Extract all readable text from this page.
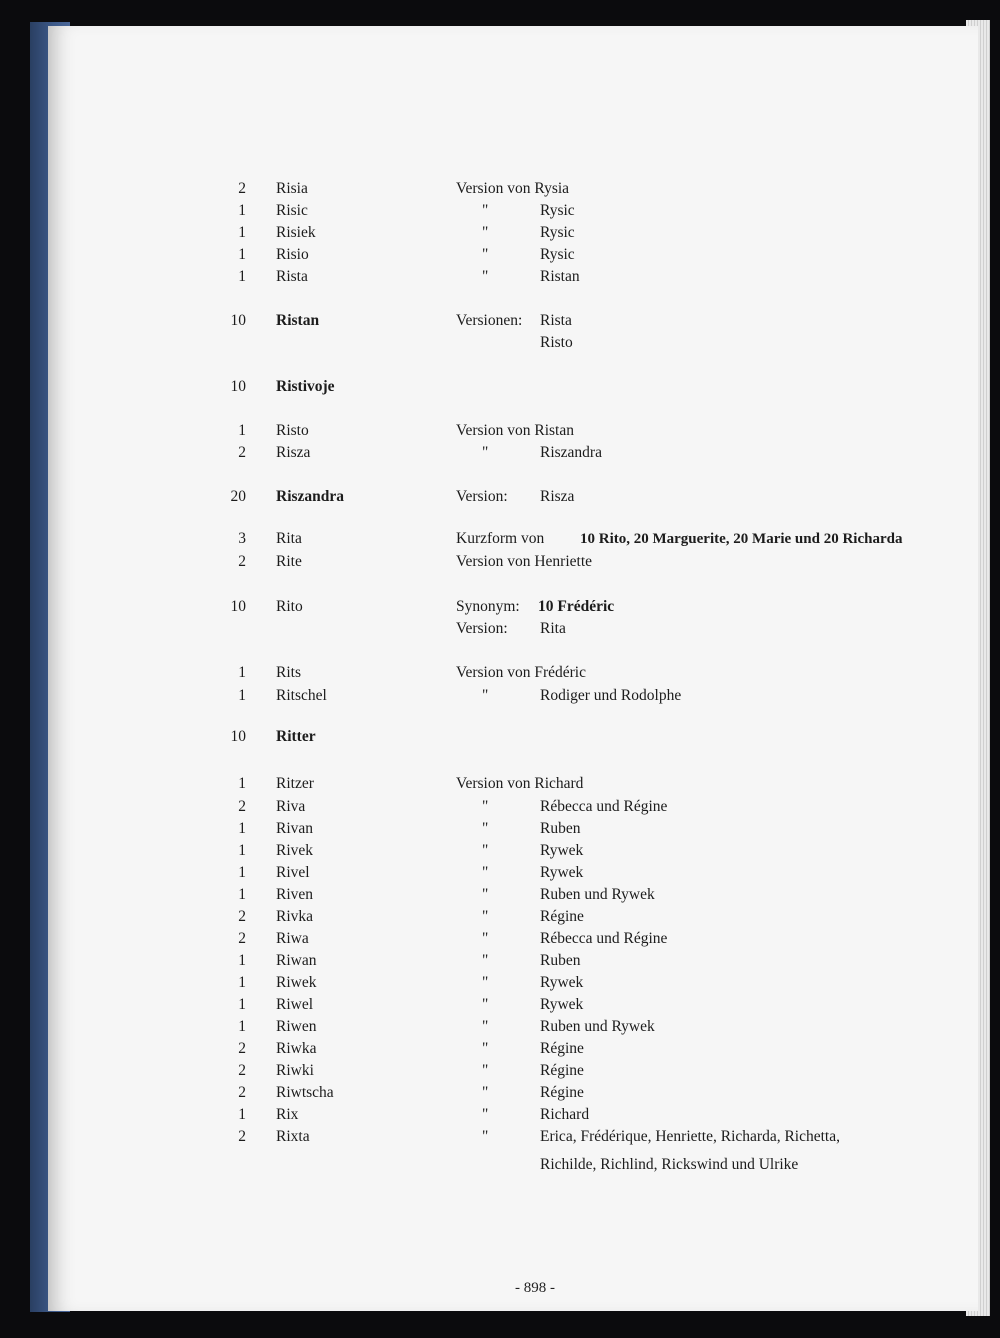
2 Risia	Version von Rysia
1 Risic	"	Rysic
1 Risiek	"	Rysic
1 Risio	"	Rysic
1 Rista	"	Ristan
10 Ristan	Versionen: Rista
Risto
10 Ristivoje
1 Risto	Version von Ristan
2 Risza	"	Riszandra
20 Riszandra	Version: Risza
3 Rita	Kurzform von 10 Rito, 20 Marguerite, 20 Marie und 20 Richarda
2 Rite	Version von Henriette
10 Rito	Synonym: 10 Frédéric
Version: Rita
1 Rits	Version von Frédéric
1 Ritschel	"	Rodiger und Rodolphe
10 Ritter
1 Ritzer	Version von Richard
2 Riva	"	Rébecca und Régine
1 Rivan	"	Ruben
1 Rivek	"	Rywek
1 Rivel	"	Rywek
1 Riven	"	Ruben und Rywek
2 Rivka	"	Régine
2 Riwa	"	Rébecca und Régine
1 Riwan	"	Ruben
1 Riwek	"	Rywek
1 Riwel	"	Rywek
1 Riwen	"	Ruben und Rywek
2 Riwka	"	Régine
2 Riwki	"	Régine
2 Riwtscha	"	Régine
1 Rix	"	Richard
2 Rixta	"	Erica, Frédérique, Henriette, Richarda, Richetta,
Richilde, Richlind, Rickswind und Ulrike
- 898 -
